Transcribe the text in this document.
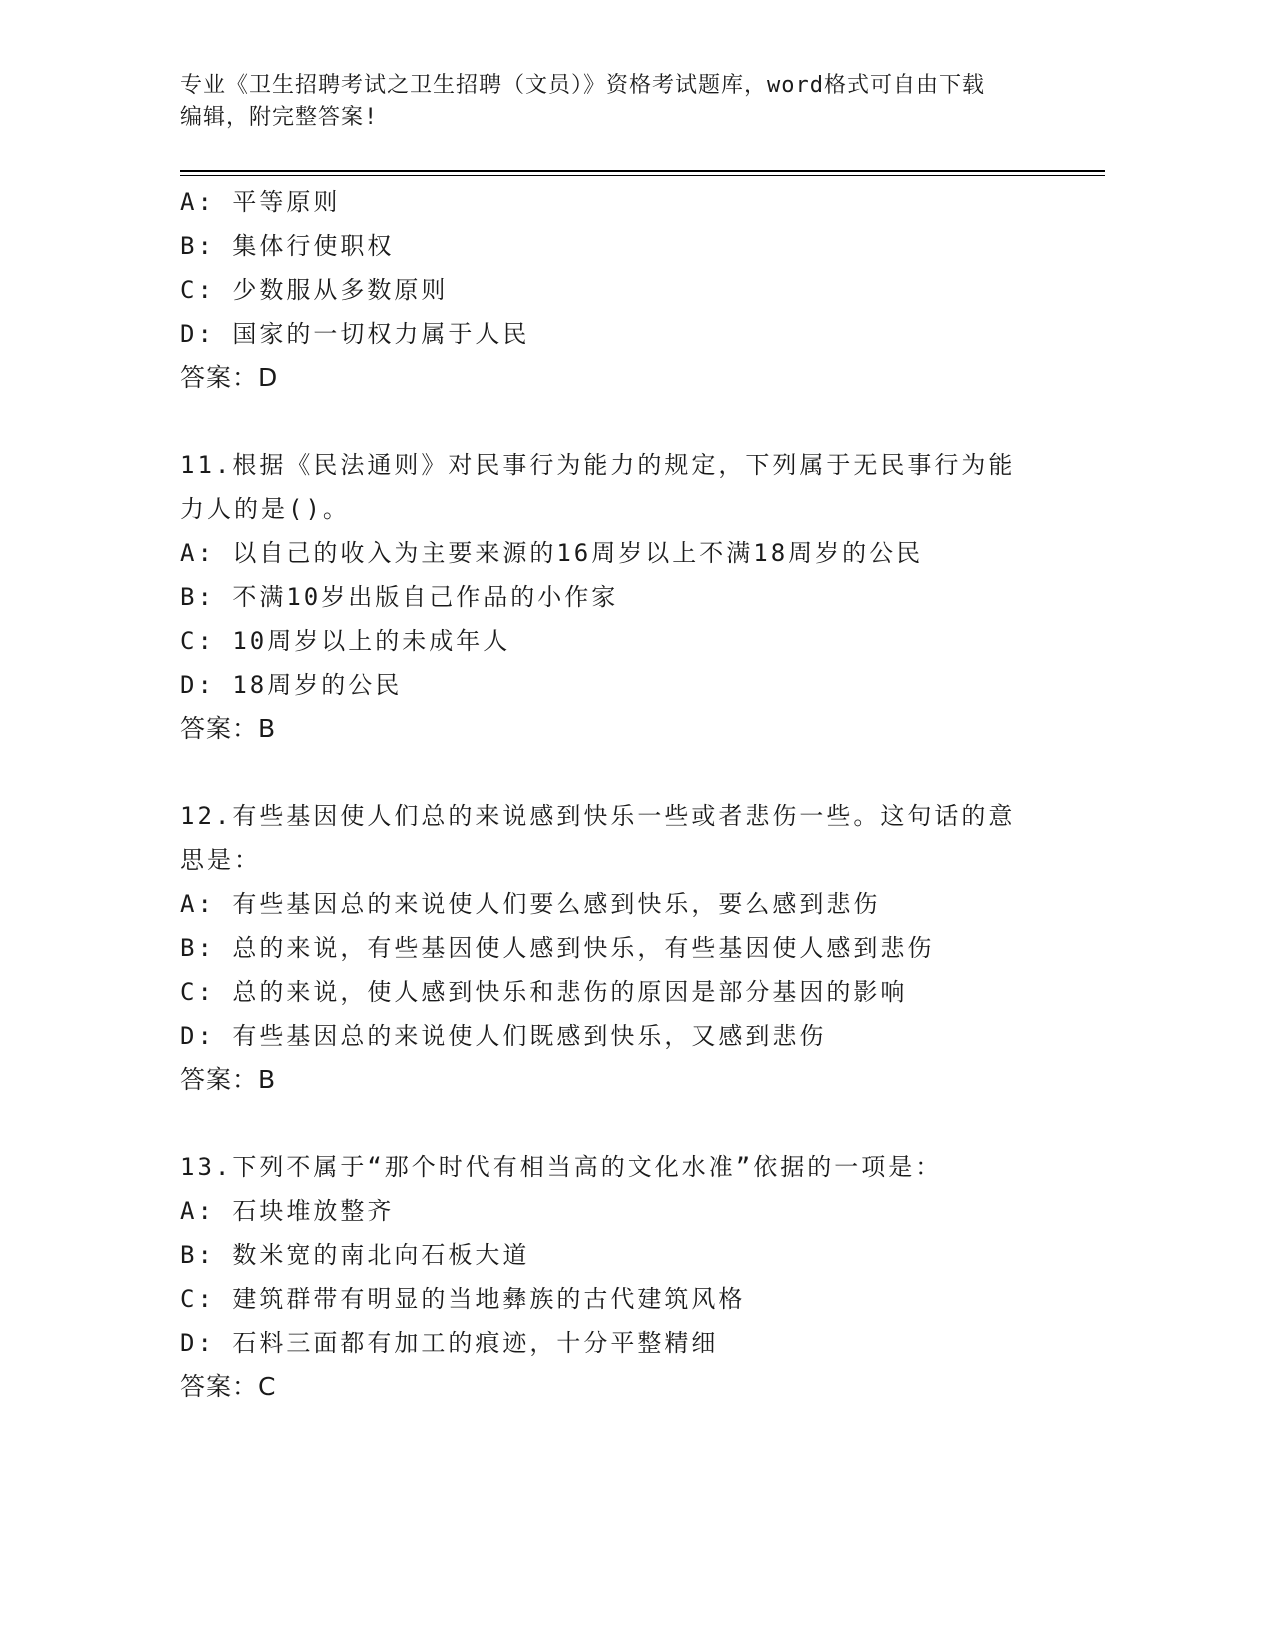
专业《卫生招聘考试之卫生招聘（文员）》资格考试题库，word格式可自由下载
编辑，附完整答案!
A: 平等原则
B: 集体行使职权
C: 少数服从多数原则
D: 国家的一切权力属于人民
答案：D
11.根据《民法通则》对民事行为能力的规定，下列属于无民事行为能力人的是()。
A: 以自己的收入为主要来源的16周岁以上不满18周岁的公民
B: 不满10岁出版自己作品的小作家
C: 10周岁以上的未成年人
D: 18周岁的公民
答案：B
12.有些基因使人们总的来说感到快乐一些或者悲伤一些。这句话的意思是：
A: 有些基因总的来说使人们要么感到快乐，要么感到悲伤
B: 总的来说，有些基因使人感到快乐，有些基因使人感到悲伤
C: 总的来说，使人感到快乐和悲伤的原因是部分基因的影响
D: 有些基因总的来说使人们既感到快乐，又感到悲伤
答案：B
13.下列不属于“那个时代有相当高的文化水准”依据的一项是：
A: 石块堆放整齐
B: 数米宽的南北向石板大道
C: 建筑群带有明显的当地彝族的古代建筑风格
D: 石料三面都有加工的痕迹，十分平整精细
答案：C
